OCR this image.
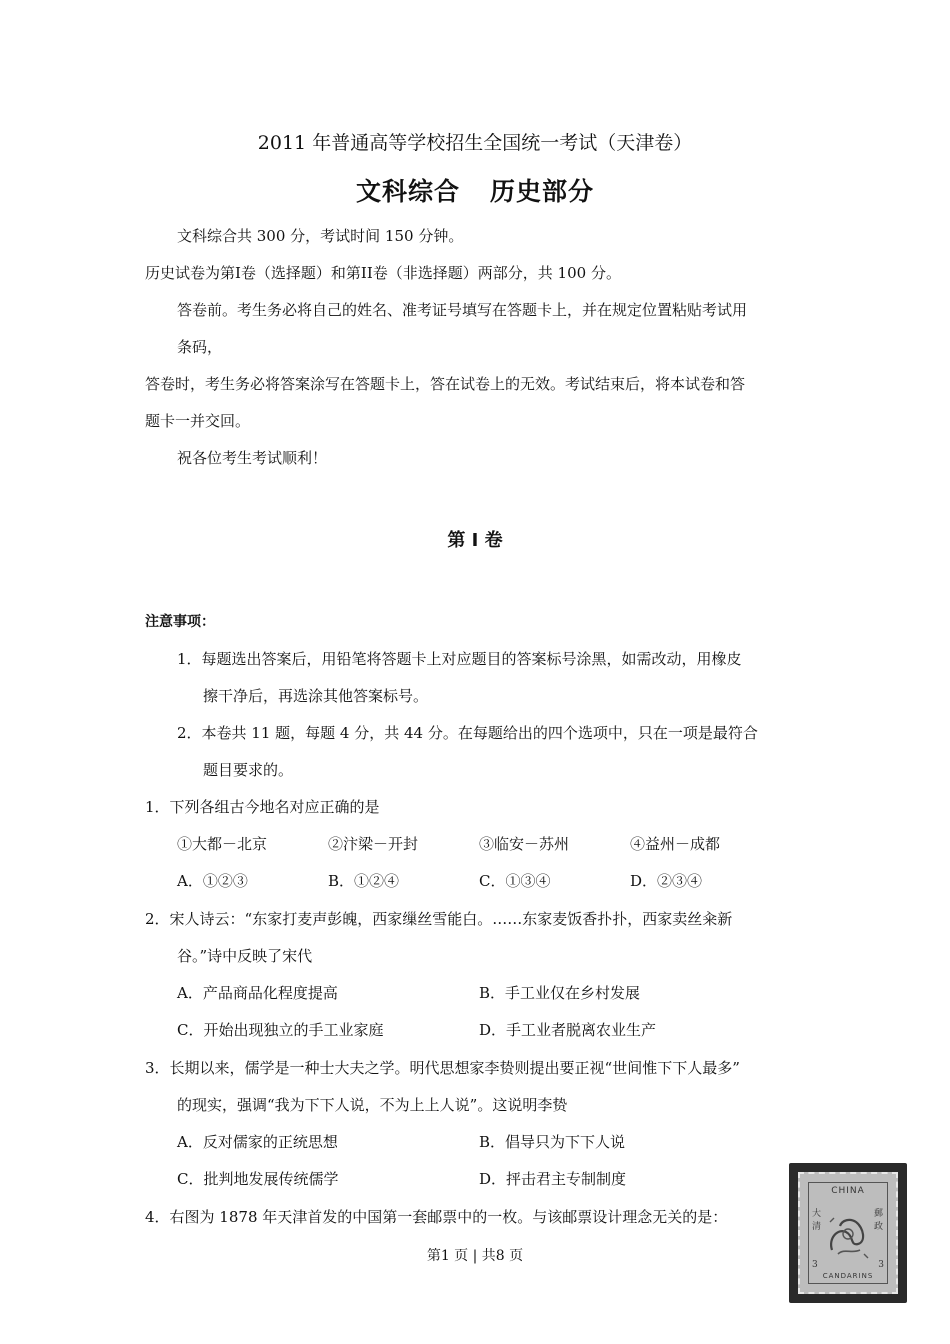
2011 年普通高等学校招生全国统一考试（天津卷）
文科综合 历史部分
文科综合共 300 分，考试时间 150 分钟。
历史试卷为第I卷（选择题）和第II卷（非选择题）两部分，共 100 分。
答卷前。考生务必将自己的姓名、准考证号填写在答题卡上，并在规定位置粘贴考试用
条码，
答卷时，考生务必将答案涂写在答题卡上，答在试卷上的无效。考试结束后，将本试卷和答
题卡一并交回。
祝各位考生考试顺利！
第 Ⅰ 卷
注意事项：
1．每题选出答案后，用铅笔将答题卡上对应题目的答案标号涂黑，如需改动，用橡皮
擦干净后，再选涂其他答案标号。
2．本卷共 11 题，每题 4 分，共 44 分。在每题给出的四个选项中，只在一项是最符合
题目要求的。
1．下列各组古今地名对应正确的是
①大都－北京	②汴梁－开封	③临安－苏州	④益州－成都
A．①②③	B．①②④	C．①③④	D．②③④
2．宋人诗云：“东家打麦声彭魄，西家缫丝雪能白。……东家麦饭香扑扑，西家卖丝籴新
谷。”诗中反映了宋代
A．产品商品化程度提高	B．手工业仅在乡村发展
C．开始出现独立的手工业家庭	D．手工业者脱离农业生产
3．长期以来，儒学是一种士大夫之学。明代思想家李贽则提出要正视“世间惟下下人最多”
的现实，强调“我为下下人说，不为上上人说”。这说明李贽
A．反对儒家的正统思想	B．倡导只为下下人说
C．批判地发展传统儒学	D．抨击君主专制制度
4．右图为 1878 年天津首发的中国第一套邮票中的一枚。与该邮票设计理念无关的是：
第1 页 | 共8 页
CHINA
大清
郵政
3	3
CANDARINS
